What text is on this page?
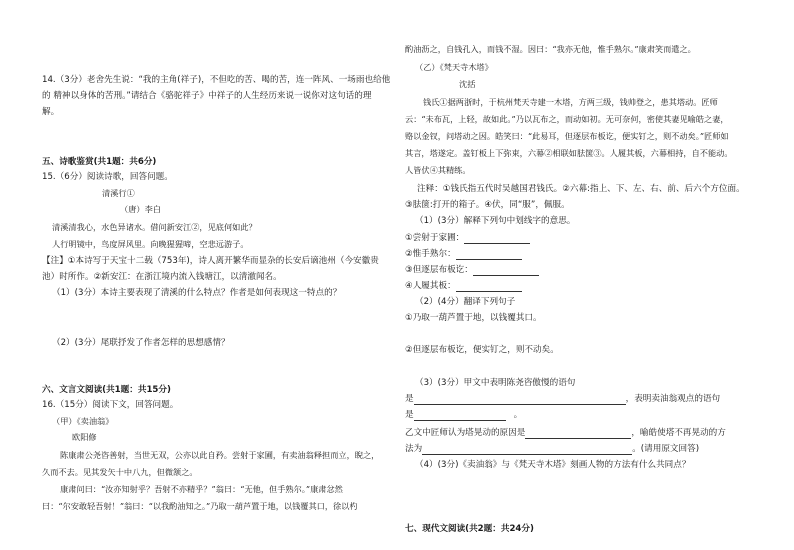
14.（3分）老舍先生说：“我的主角(祥子)，不但吃的苦、喝的苦，连一阵风、一场雨也给他
的 精神以身体的苦刑。”请结合《骆驼祥子》中祥子的人生经历来说一说你对这句话的理
解。
五、诗歌鉴赏(共1题：共6分)
15.（6分）阅读诗歌，回答问题。
清溪行①
（唐）李白
清溪清我心，水色异诸水。借问新安江②，见底何如此？
人行明镜中，鸟度屏风里。向晚猩猩啼，空悲远游子。
【注】①本诗写于天宝十二载（753年)，诗人离开繁华而显杂的长安后谪池州（今安徽贵
池）时所作。②新安江：在浙江境内流入钱塘江，以清澈闻名。
（1）(3分）本诗主要表现了清溪的什么特点？作者是如何表现这一特点的？
（2）(3分）尾联抒发了作者怎样的思想感情？
六、文言文阅读(共1题：共15分)
16.（15分）阅读下文，回答问题。
（甲）《卖油翁》
欧阳修
陈康肃公尧咨善射，当世无双，公亦以此自矜。尝射于家圃，有卖油翁释担而立，睨之，
久而不去。见其发矢十中八九，但微颔之。
康肃问曰：“汝亦知射乎？吾射不亦精乎？”翁曰：“无他，但手熟尔。”康肃忿然
曰：“尔安敢轻吾射！”翁曰：“以我酌油知之。”乃取一葫芦置于地，以钱覆其口，徐以杓
酌油沥之，自钱孔入，而钱不湿。因曰：“我亦无他，惟手熟尔。”康肃笑而遣之。
（乙）《梵天寺木塔》
沈括
钱氏①据两浙时，于杭州梵天寺建一木塔，方两三级，钱帅登之，患其塔动。匠师
云：“未布瓦，上轻，故如此。”乃以瓦布之，而动如初。无可奈何，密使其妻见喻皓之妻，
赂以金钗，问塔动之因。皓笑曰：“此易耳，但逐层布板讫，便实钉之，则不动矣。”匠师如
其言，塔遂定。盖钉板上下弥束，六幕②相联如胠箧③。人履其板，六幕相持，自不能动。
人皆伏④其精练。
注释：①钱氏指五代时吴越国君钱氏。②六幕:指上、下、左、右、前、后六个方位面。
③胠箧:打开的箱子。④伏，同“服”，佩服。
（1）(3分）解释下列句中划线字的意思。
①尝射于家圃：
②惟手熟尔：
③但逐层布板讫：
④人履其板：
（2）(4分）翻译下列句子
①乃取一葫芦置于地，以钱覆其口。
②但逐层布板讫，便实钉之，则不动矣。
（3）(3分）甲文中表明陈尧咨傲慢的语句
是	，表明卖油翁观点的语句
是	。
乙文中匠师认为塔晃动的原因是	，喻皓使塔不再晃动的方
法为	。(请用原文回答)
（4）(3分)《卖油翁》与《梵天寺木塔》刻画人物的方法有什么共同点？
七、现代文阅读(共2题：共24分)
